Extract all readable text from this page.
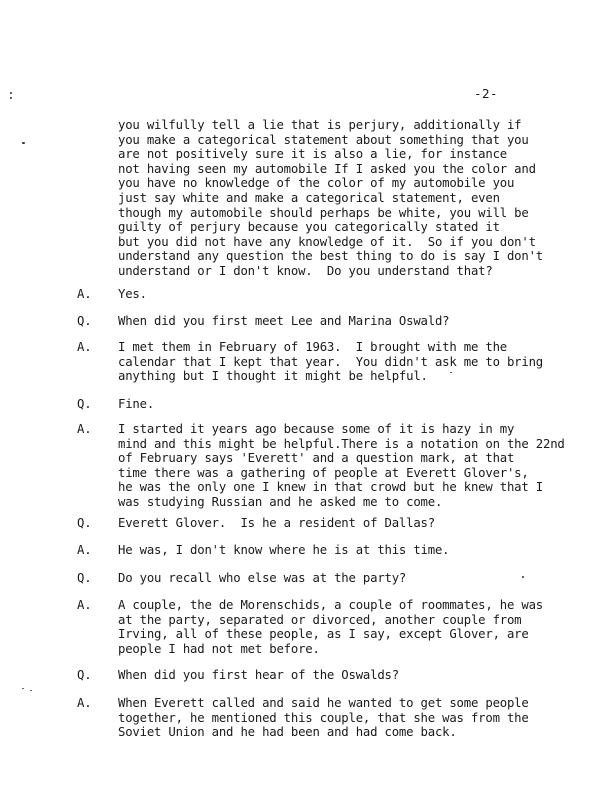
-2-
you wilfully tell a lie that is perjury, additionally if
you make a categorical statement about something that you
are not positively sure it is also a lie, for instance
not having seen my automobile If I asked you the color and
you have no knowledge of the color of my automobile you
just say white and make a categorical statement, even
though my automobile should perhaps be white, you will be
guilty of perjury because you categorically stated it
but you did not have any knowledge of it.  So if you don't
understand any question the best thing to do is say I don't
understand or I don't know.  Do you understand that?
A.	Yes.
Q.	When did you first meet Lee and Marina Oswald?
A.	I met them in February of 1963.  I brought with me the
calendar that I kept that year.  You didn't ask me to bring
anything but I thought it might be helpful.
Q.	Fine.
A.	I started it years ago because some of it is hazy in my
mind and this might be helpful.There is a notation on the 22nd
of February says 'Everett' and a question mark, at that
time there was a gathering of people at Everett Glover's,
he was the only one I knew in that crowd but he knew that I
was studying Russian and he asked me to come.
Q.	Everett Glover.  Is he a resident of Dallas?
A.	He was, I don't know where he is at this time.
Q.	Do you recall who else was at the party?
A.	A couple, the de Morenschids, a couple of roommates, he was
at the party, separated or divorced, another couple from
Irving, all of these people, as I say, except Glover, are
people I had not met before.
Q.	When did you first hear of the Oswalds?
A.	When Everett called and said he wanted to get some people
together, he mentioned this couple, that she was from the
Soviet Union and he had been and had come back.
